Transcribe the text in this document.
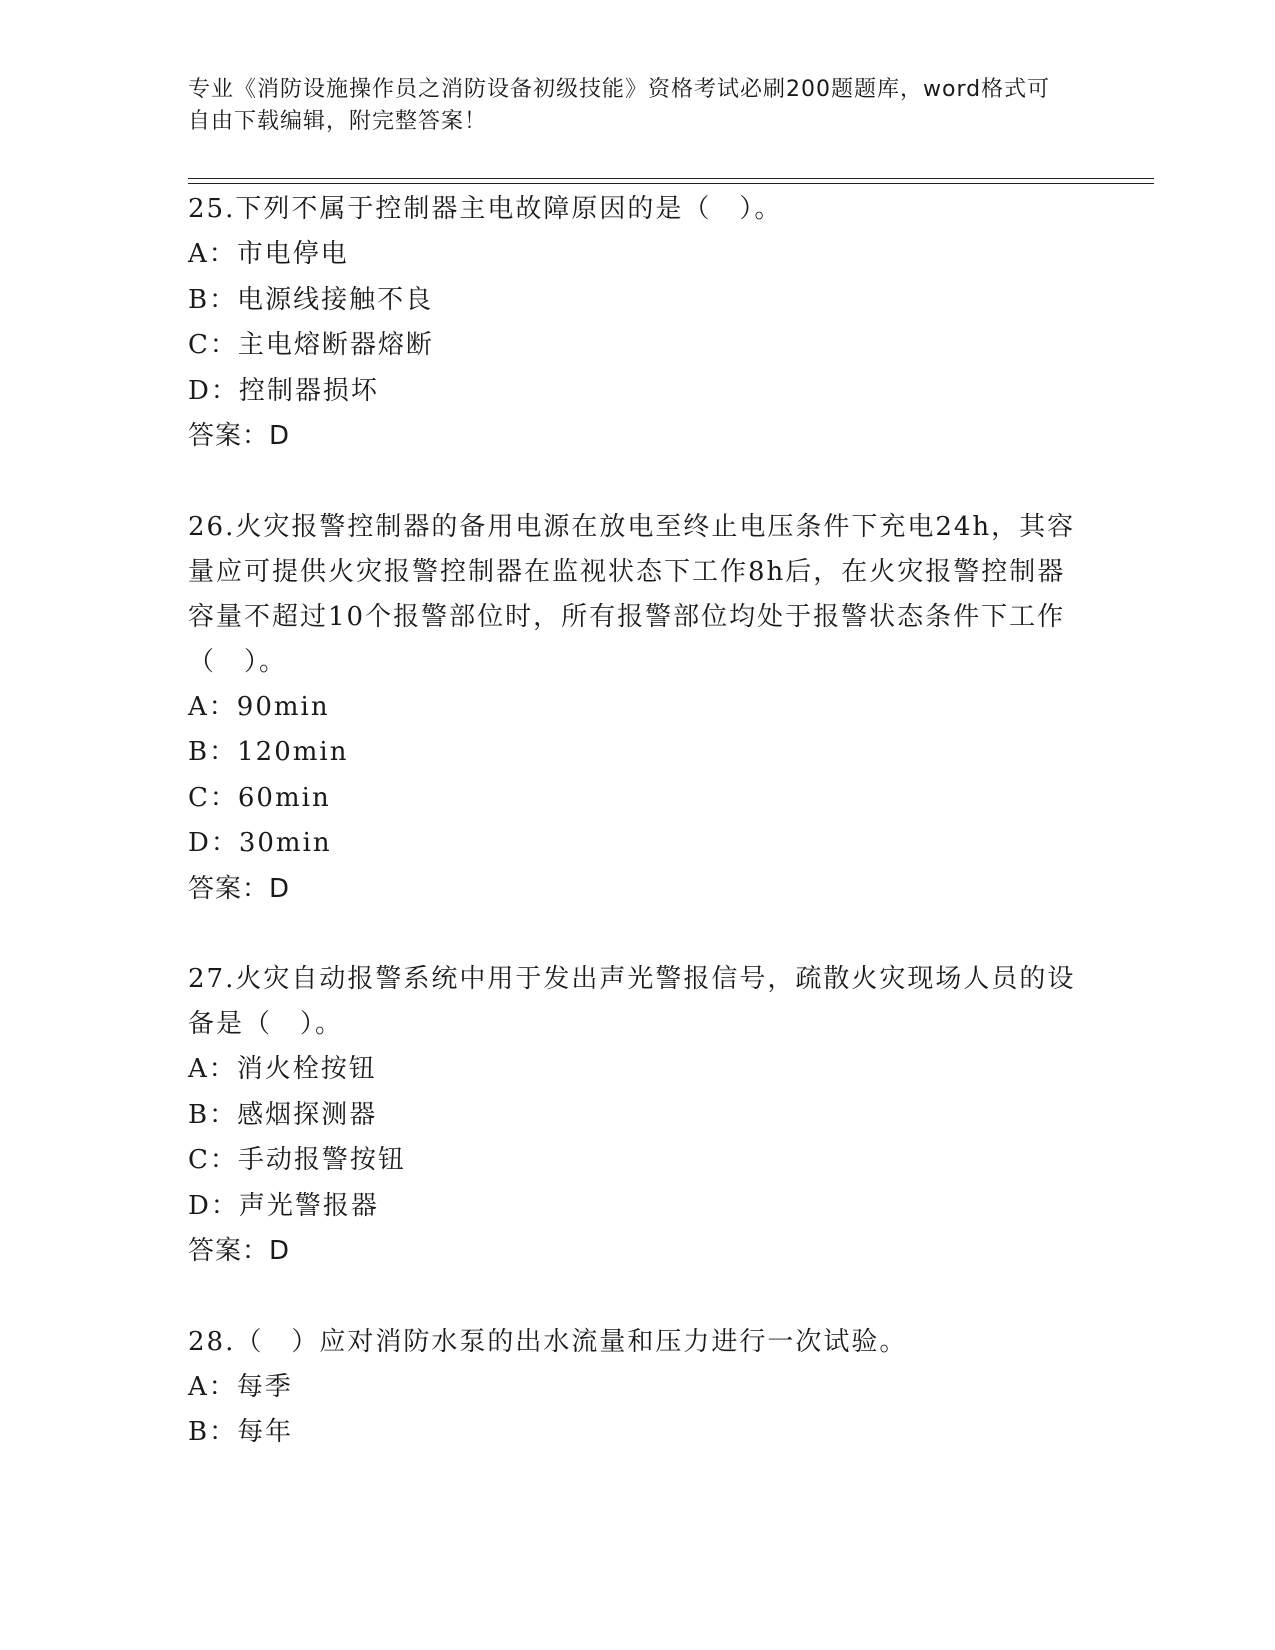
专业《消防设施操作员之消防设备初级技能》资格考试必刷200题题库，word格式可自由下载编辑，附完整答案！

25.下列不属于控制器主电故障原因的是（　）。

A：市电停电

B：电源线接触不良

C：主电熔断器熔断

D：控制器损坏

答案：D

26.火灾报警控制器的备用电源在放电至终止电压条件下充电24h，其容量应可提供火灾报警控制器在监视状态下工作8h后，在火灾报警控制器容量不超过10个报警部位时，所有报警部位均处于报警状态条件下工作（　）。

A：90min

B：120min

C：60min

D：30min

答案：D

27.火灾自动报警系统中用于发出声光警报信号，疏散火灾现场人员的设备是（　）。

A：消火栓按钮

B：感烟探测器

C：手动报警按钮

D：声光警报器

答案：D

28.（　）应对消防水泵的出水流量和压力进行一次试验。

A：每季

B：每年
